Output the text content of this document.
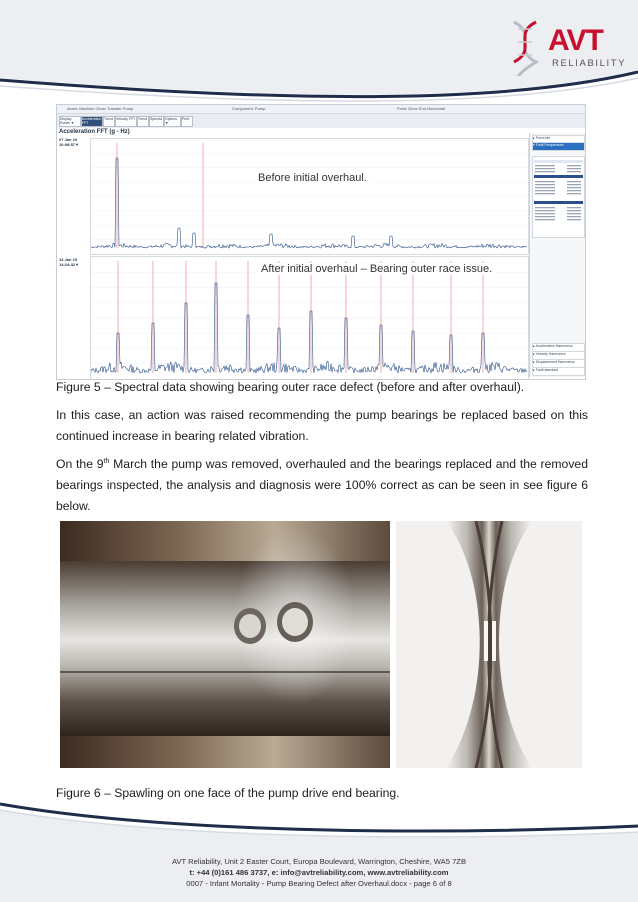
AVT
RELIABILITY
Asset: Machine Clean Transfer Pump	Component: Pump	Point: Drive End Horizontal
Display Points ▼
Acceleration FFT
Trend Velocity FFT Trend Spectra Options ▼
Print
Acceleration FFT (g - Hz)
07 Jan 19
10:08:57▼
14 Jan 19
14:24:42▼
▸ Point info
▾ Fault Frequencies
▸ Acceleration Harmonics
▸ Velocity Harmonics
▸ Displacement Harmonics
▸ Fault standard
Before initial overhaul.
After initial overhaul – Bearing outer race issue.
Figure 5 – Spectral data showing bearing outer race defect (before and after overhaul).
In this case, an action was raised recommending the pump bearings be replaced based on this continued increase in bearing related vibration.
On the 9th March the pump was removed, overhauled and the bearings replaced and the removed bearings inspected, the analysis and diagnosis were 100% correct as can be seen in see figure 6 below.
Figure 6 – Spawling on one face of the pump drive end bearing.
AVT Reliability, Unit 2 Easter Court, Europa Boulevard, Warrington, Cheshire, WA5 7ZB
t: +44 (0)161 486 3737, e: info@avtreliability.com, www.avtreliability.com
0007 - Infant Mortality - Pump Bearing Defect after Overhaul.docx - page 6 of 8
